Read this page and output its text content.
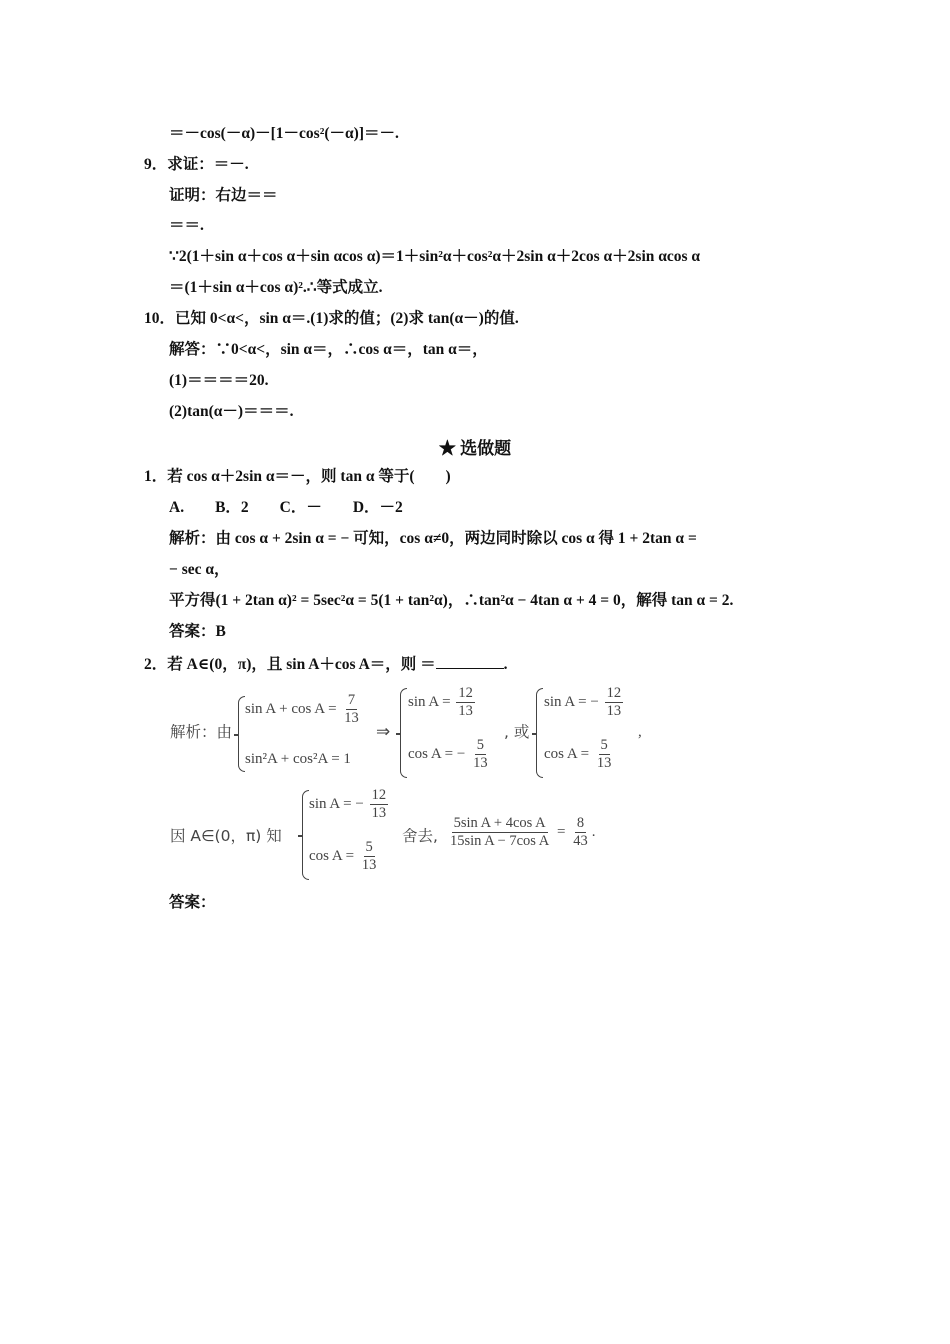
＝－cos(－α)－[1－cos²(－α)]＝－.
9．求证：＝－.
证明：右边＝＝
＝＝.
∵2(1＋sin α＋cos α＋sin αcos α)＝1＋sin²α＋cos²α＋2sin α＋2cos α＋2sin αcos α
＝(1＋sin α＋cos α)².∴等式成立.
10．已知 0<α<，sin α＝.(1)求的值；(2)求 tan(α－)的值.
解答：∵0<α<，sin α＝，∴cos α＝，tan α＝，
(1)＝＝＝＝20.
(2)tan(α－)＝＝＝.
★ 选做题
1．若 cos α＋2sin α＝－，则 tan α 等于(　　)
A.　　B．2　　C．－　　D．－2
解析：由 cos α + 2sin α = − 可知，cos α≠0，两边同时除以 cos α 得 1 + 2tan α =
− sec α，
平方得(1 + 2tan α)² = 5sec²α = 5(1 + tan²α)，∴tan²α − 4tan α + 4 = 0，解得 tan α = 2.
答案：B
2．若 A∈(0，π)，且 sin A＋cos A＝，则 ＝	.
解析：由
$\sin A + \cos A = \frac{7}{13}$
sin²A + cos²A = 1
⇒
$\sin A = \frac{12}{13}$
cos A = − $\frac{5}{13}$
, 或
sin A = − $\frac{12}{13}$
$\cos A = \frac{5}{13}$
,
因 A∈(0，π) 知
sin A = − $\frac{12}{13}$
$\cos A = \frac{5}{13}$
舍去, $\frac{\text{5sin A + 4cos A}}{\text{15sin A − 7cos A}} = \frac{8}{43}$ .
答案：
